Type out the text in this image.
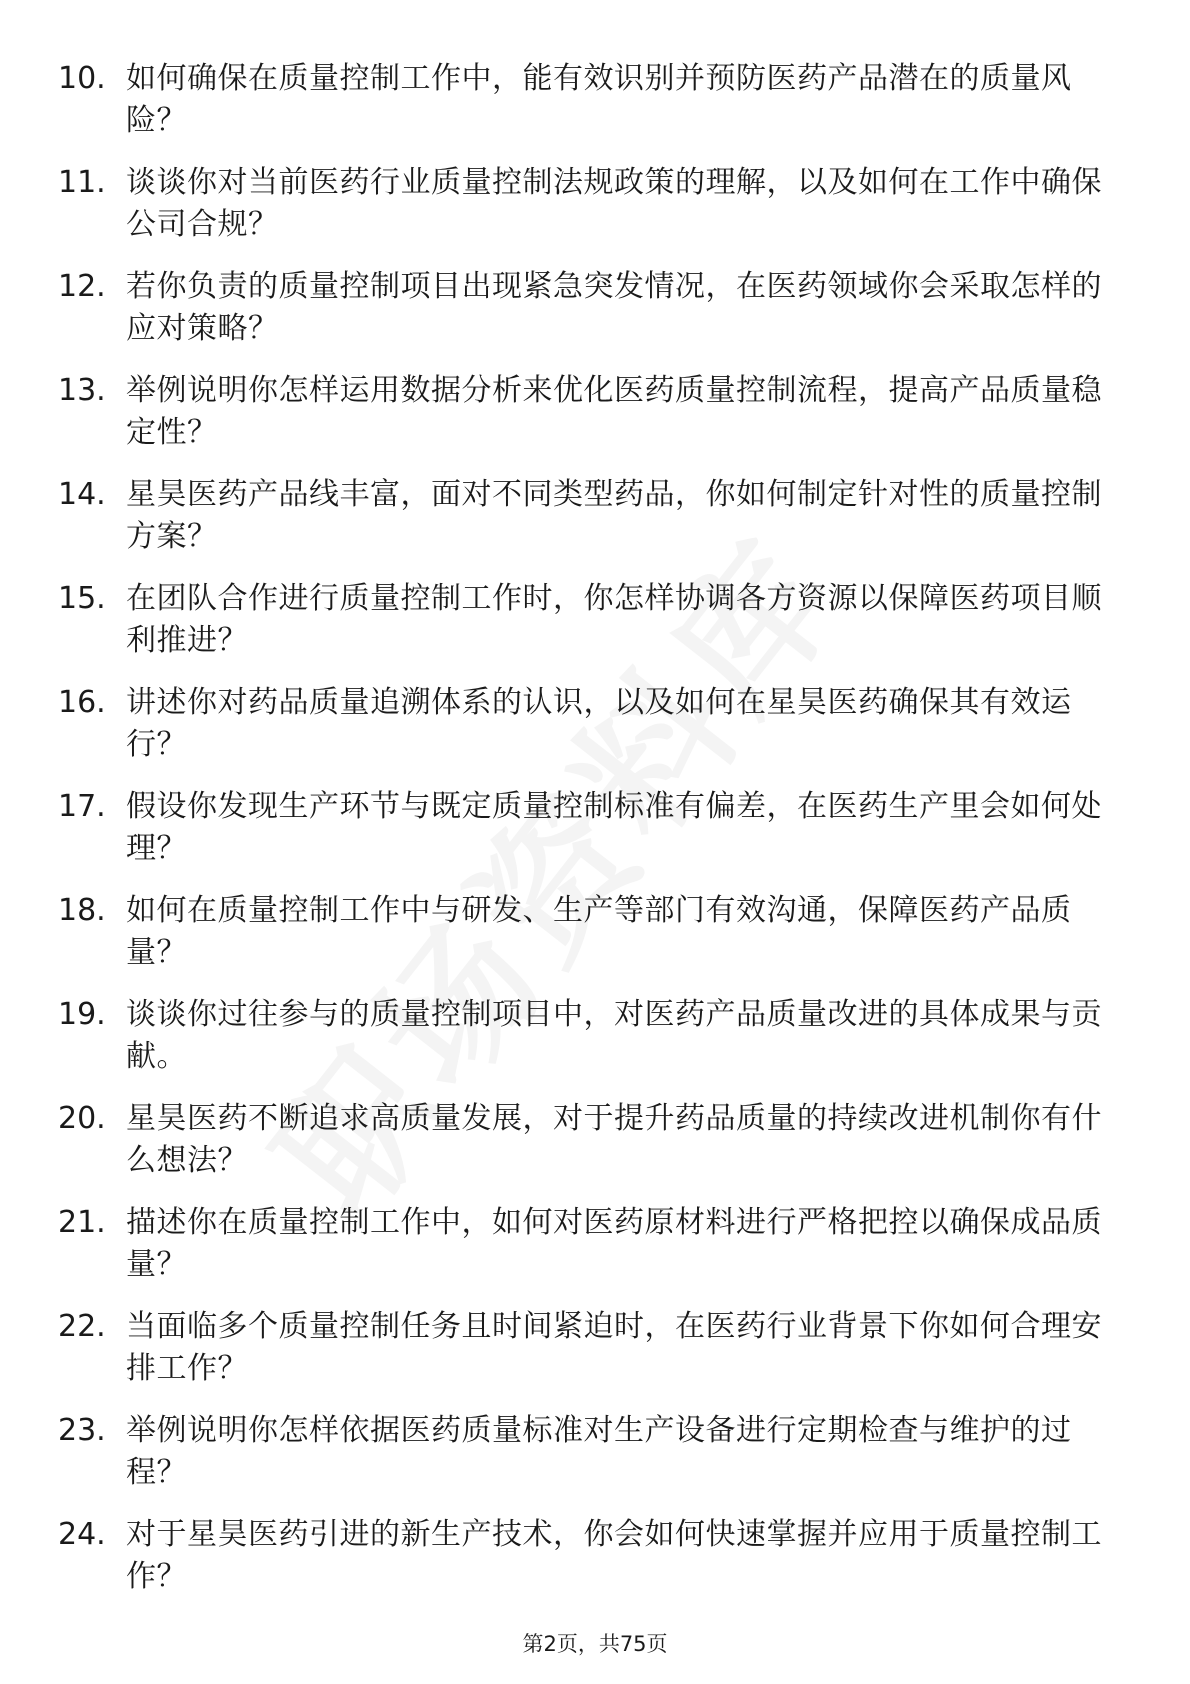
10. 如何确保在质量控制工作中，能有效识别并预防医药产品潜在的质量风险？
11. 谈谈你对当前医药行业质量控制法规政策的理解，以及如何在工作中确保公司合规？
12. 若你负责的质量控制项目出现紧急突发情况，在医药领域你会采取怎样的应对策略？
13. 举例说明你怎样运用数据分析来优化医药质量控制流程，提高产品质量稳定性？
14. 星昊医药产品线丰富，面对不同类型药品，你如何制定针对性的质量控制方案？
15. 在团队合作进行质量控制工作时，你怎样协调各方资源以保障医药项目顺利推进？
16. 讲述你对药品质量追溯体系的认识，以及如何在星昊医药确保其有效运行？
17. 假设你发现生产环节与既定质量控制标准有偏差，在医药生产里会如何处理？
18. 如何在质量控制工作中与研发、生产等部门有效沟通，保障医药产品质量？
19. 谈谈你过往参与的质量控制项目中，对医药产品质量改进的具体成果与贡献。
20. 星昊医药不断追求高质量发展，对于提升药品质量的持续改进机制你有什么想法？
21. 描述你在质量控制工作中，如何对医药原材料进行严格把控以确保成品质量？
22. 当面临多个质量控制任务且时间紧迫时，在医药行业背景下你如何合理安排工作？
23. 举例说明你怎样依据医药质量标准对生产设备进行定期检查与维护的过程？
24. 对于星昊医药引进的新生产技术，你会如何快速掌握并应用于质量控制工作？
第2页，共75页
